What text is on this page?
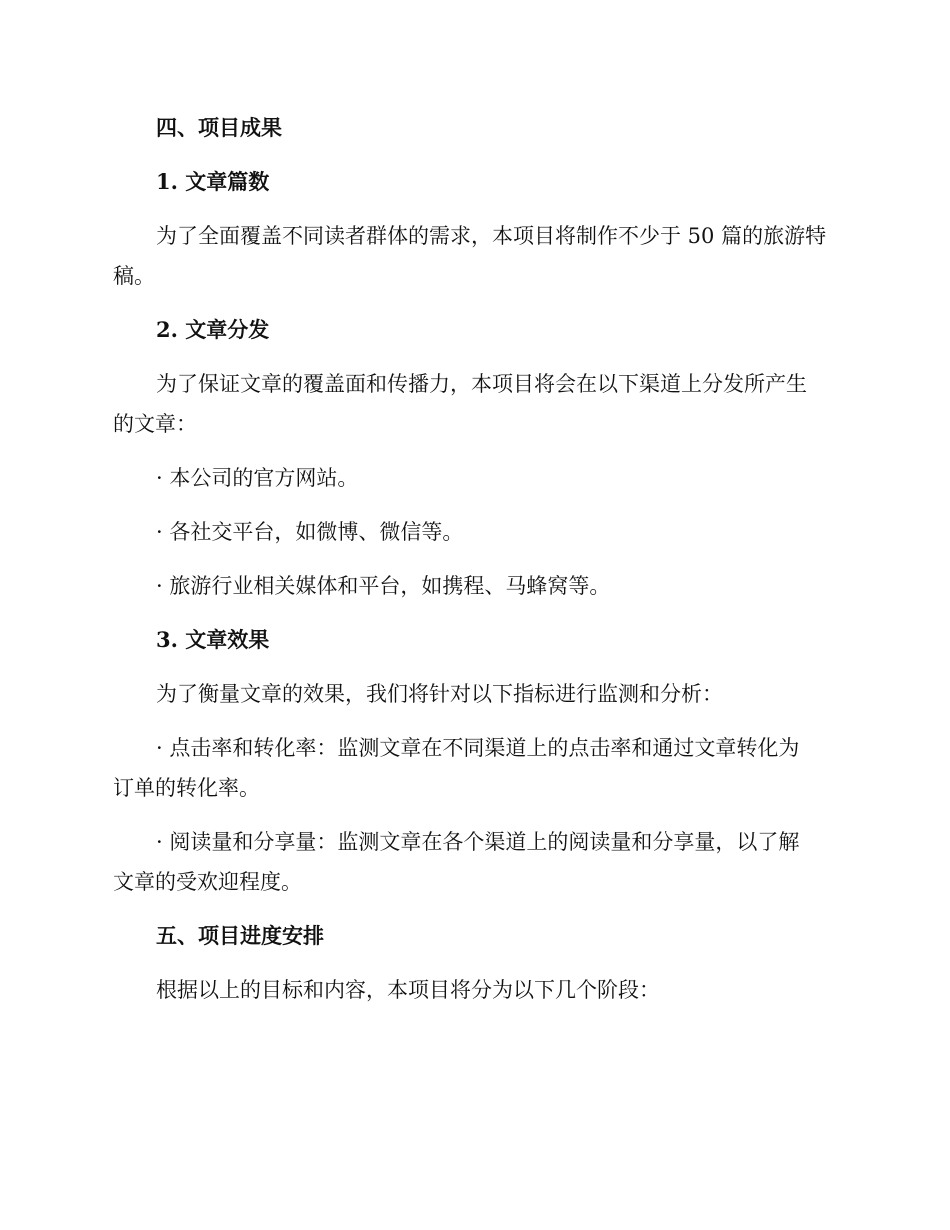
四、项目成果
1. 文章篇数
为了全面覆盖不同读者群体的需求，本项目将制作不少于 50 篇的旅游特
稿。
2. 文章分发
为了保证文章的覆盖面和传播力，本项目将会在以下渠道上分发所产生
的文章：
· 本公司的官方网站。
· 各社交平台，如微博、微信等。
· 旅游行业相关媒体和平台，如携程、马蜂窝等。
3. 文章效果
为了衡量文章的效果，我们将针对以下指标进行监测和分析：
· 点击率和转化率：监测文章在不同渠道上的点击率和通过文章转化为
订单的转化率。
· 阅读量和分享量：监测文章在各个渠道上的阅读量和分享量，以了解
文章的受欢迎程度。
五、项目进度安排
根据以上的目标和内容，本项目将分为以下几个阶段：
